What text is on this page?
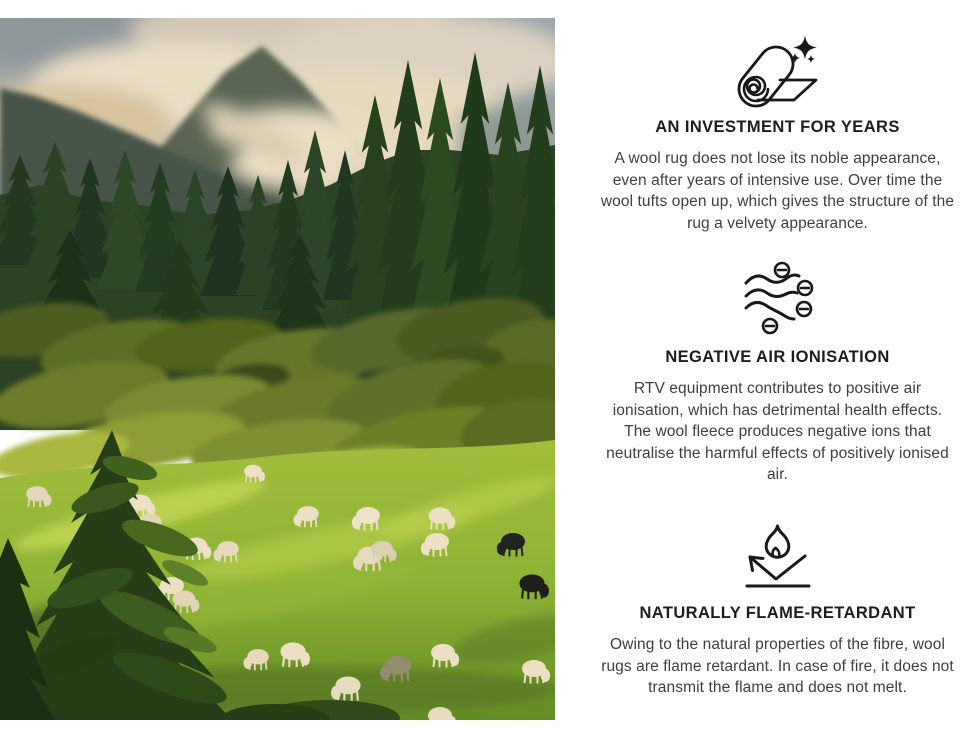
AN INVESTMENT FOR YEARS

A wool rug does not lose its noble appearance, even after years of intensive use. Over time the wool tufts open up, which gives the structure of the rug a velvety appearance.

NEGATIVE AIR IONISATION

RTV equipment contributes to positive air ionisation, which has detrimental health effects. The wool fleece produces negative ions that neutralise the harmful effects of positively ionised air.

NATURALLY FLAME-RETARDANT

Owing to the natural properties of the fibre, wool rugs are flame retardant. In case of fire, it does not transmit the flame and does not melt.
